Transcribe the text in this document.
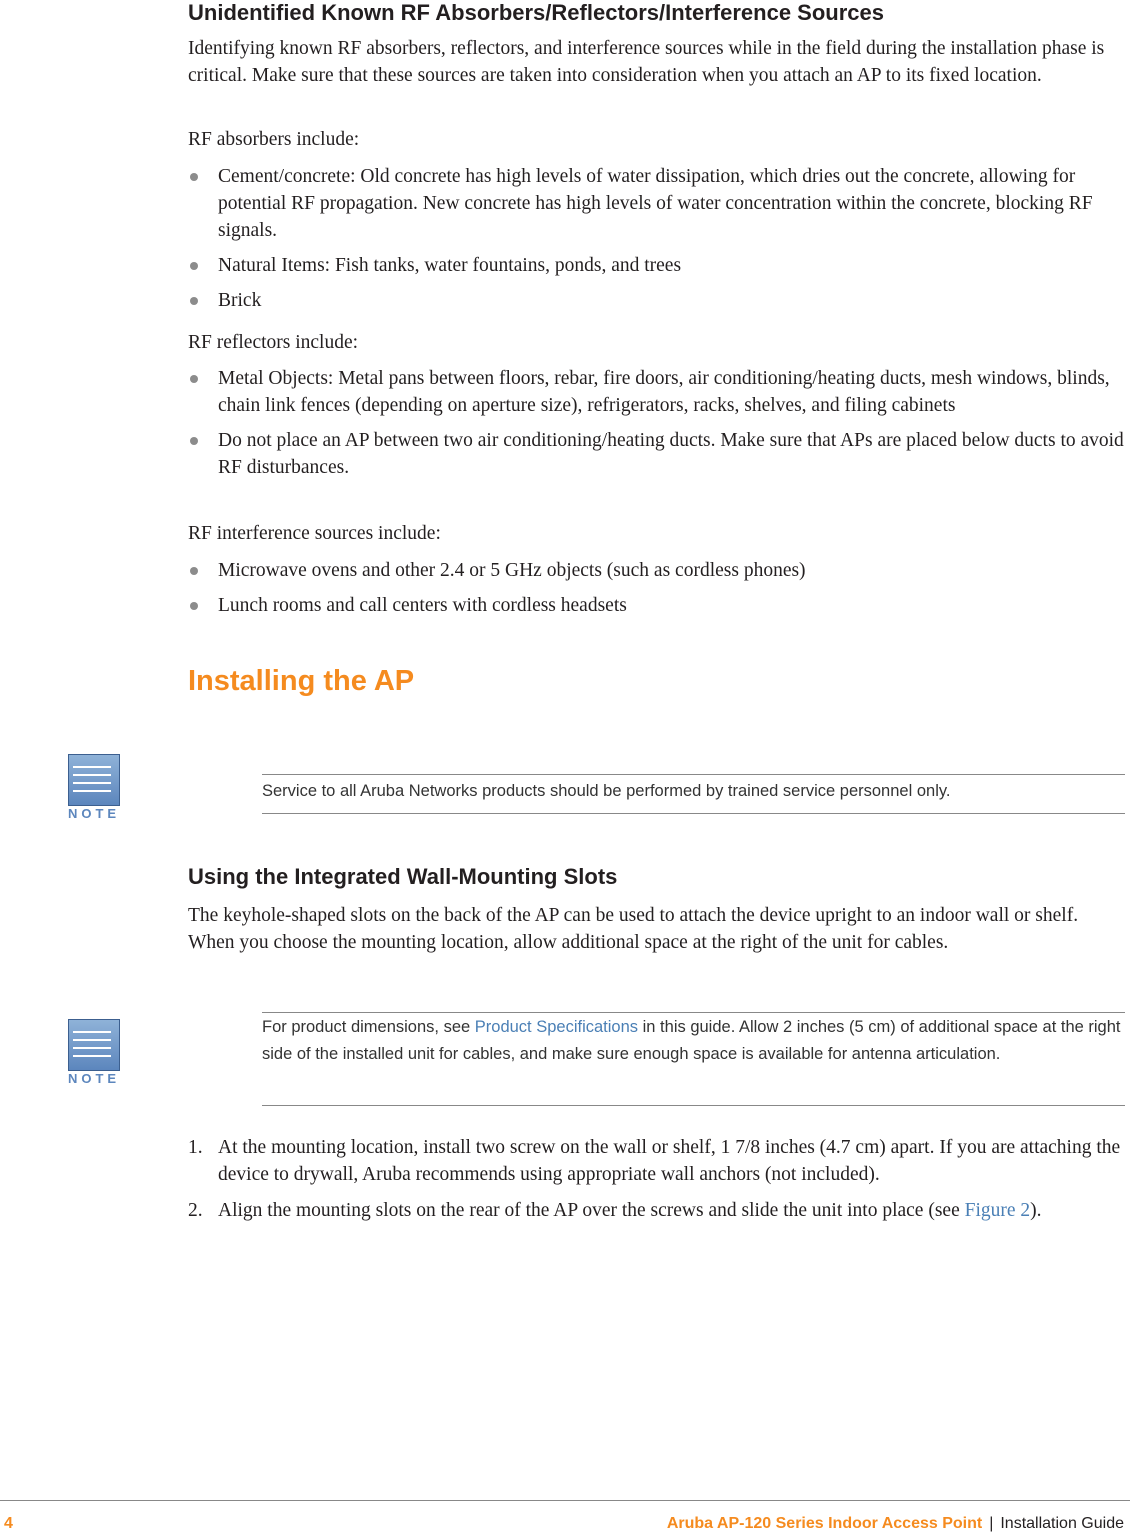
Unidentified Known RF Absorbers/Reflectors/Interference Sources

Identifying known RF absorbers, reflectors, and interference sources while in the field during the installation phase is critical. Make sure that these sources are taken into consideration when you attach an AP to its fixed location.

RF absorbers include:

Cement/concrete: Old concrete has high levels of water dissipation, which dries out the concrete, allowing for potential RF propagation. New concrete has high levels of water concentration within the concrete, blocking RF signals.
Natural Items: Fish tanks, water fountains, ponds, and trees
Brick

RF reflectors include:

Metal Objects: Metal pans between floors, rebar, fire doors, air conditioning/heating ducts, mesh windows, blinds, chain link fences (depending on aperture size), refrigerators, racks, shelves, and filing cabinets
Do not place an AP between two air conditioning/heating ducts. Make sure that APs are placed below ducts to avoid RF disturbances.

RF interference sources include:

Microwave ovens and other 2.4 or 5 GHz objects (such as cordless phones)
Lunch rooms and call centers with cordless headsets
Installing the AP
NOTE
Service to all Aruba Networks products should be performed by trained service personnel only.
Using the Integrated Wall-Mounting Slots

The keyhole-shaped slots on the back of the AP can be used to attach the device upright to an indoor wall or shelf. When you choose the mounting location, allow additional space at the right of the unit for cables.

NOTE
For product dimensions, see Product Specifications in this guide. Allow 2 inches (5 cm) of additional space at the right side of the installed unit for cables, and make sure enough space is available for antenna articulation.
1. At the mounting location, install two screw on the wall or shelf, 1 7/8 inches (4.7 cm) apart. If you are attaching the device to drywall, Aruba recommends using appropriate wall anchors (not included).
2. Align the mounting slots on the rear of the AP over the screws and slide the unit into place (see Figure 2).
4	Aruba AP-120 Series Indoor Access Point | Installation Guide
